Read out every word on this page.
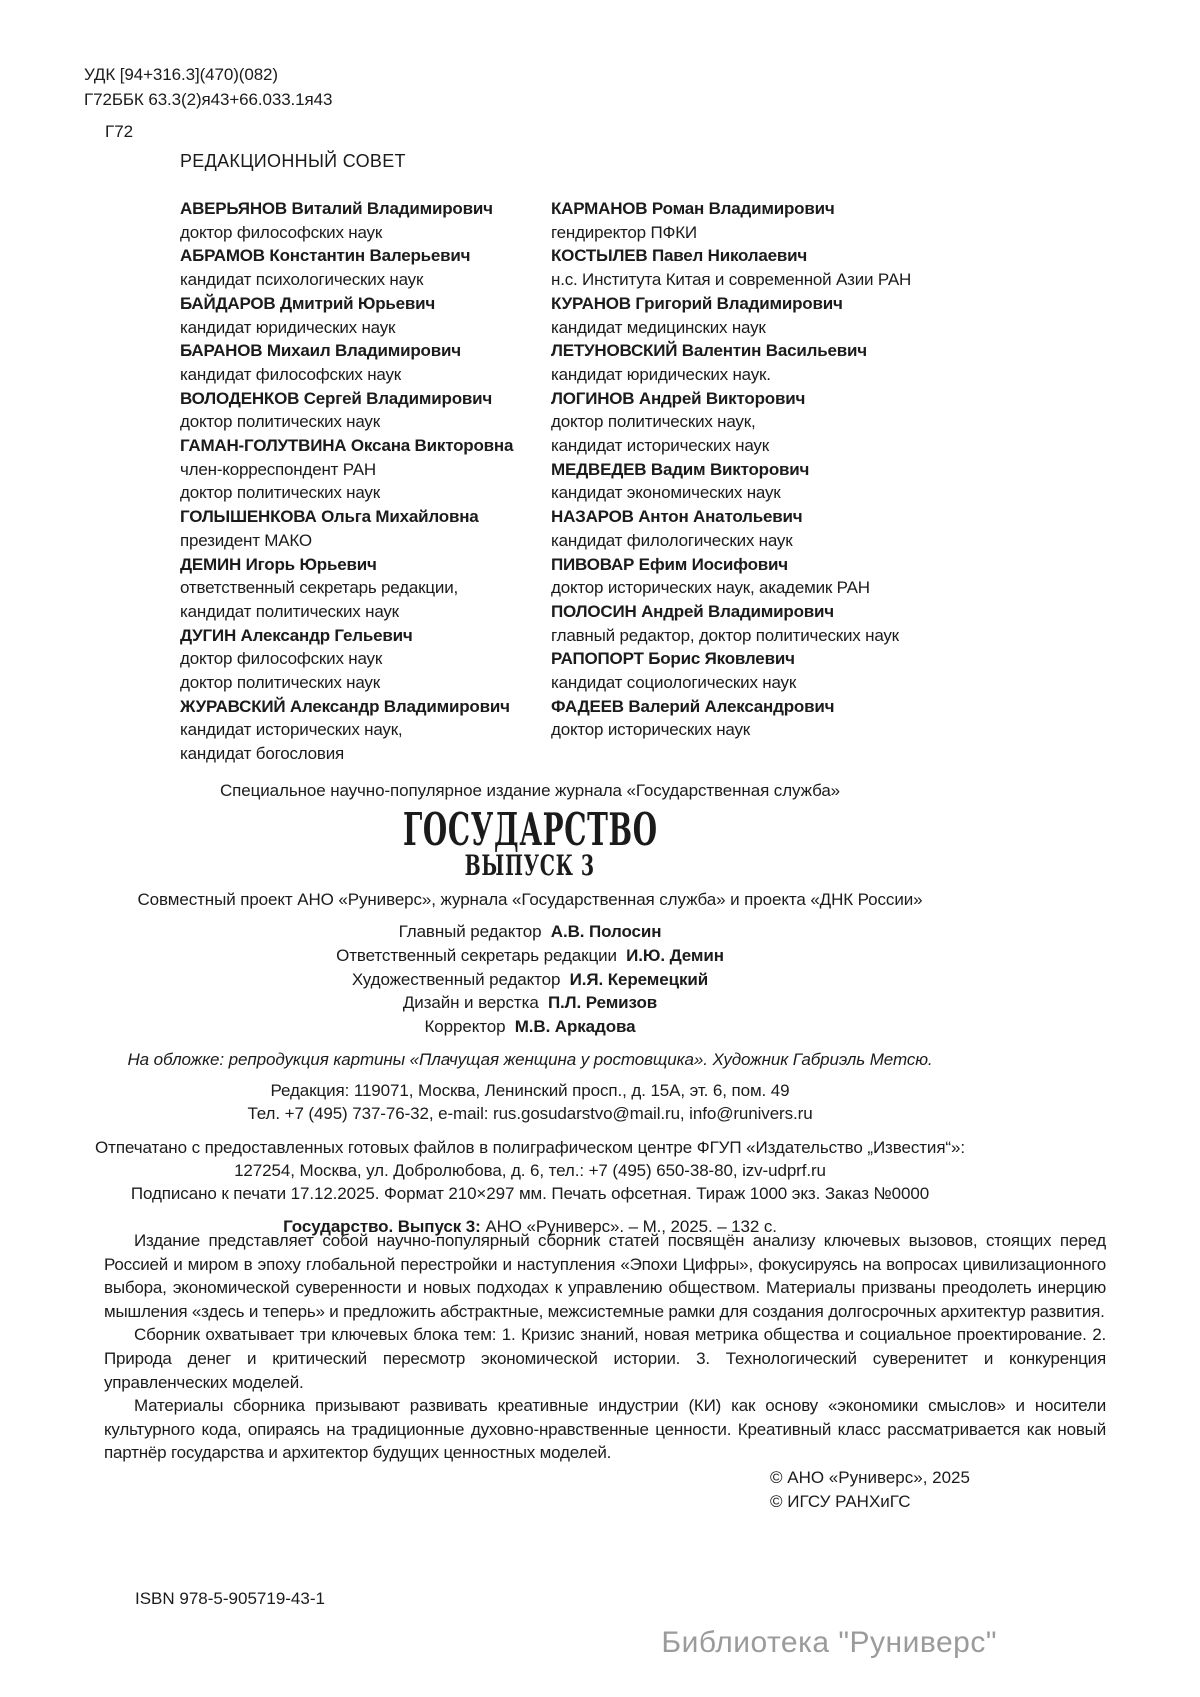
УДК [94+316.3](470)(082)
Г72ББК 63.3(2)я43+66.033.1я43
Г72
РЕДАКЦИОННЫЙ СОВЕТ
АВЕРЬЯНОВ Виталий Владимирович
доктор философских наук
АБРАМОВ Константин Валерьевич
кандидат психологических наук
БАЙДАРОВ Дмитрий Юрьевич
кандидат юридических наук
БАРАНОВ Михаил Владимирович
кандидат философских наук
ВОЛОДЕНКОВ Сергей Владимирович
доктор политических наук
ГАМАН-ГОЛУТВИНА Оксана Викторовна
член-корреспондент РАН
доктор политических наук
ГОЛЫШЕНКОВА Ольга Михайловна
президент МАКО
ДЕМИН Игорь Юрьевич
ответственный секретарь редакции,
кандидат политических наук
ДУГИН Александр Гельевич
доктор философских наук
доктор политических наук
ЖУРАВСКИЙ Александр Владимирович
кандидат исторических наук,
кандидат богословия
КАРМАНОВ Роман Владимирович
гендиректор ПФКИ
КОСТЫЛЕВ Павел Николаевич
н.с. Института Китая и современной Азии РАН
КУРАНОВ Григорий Владимирович
кандидат медицинских наук
ЛЕТУНОВСКИЙ Валентин Васильевич
кандидат юридических наук.
ЛОГИНОВ Андрей Викторович
доктор политических наук,
кандидат исторических наук
МЕДВЕДЕВ Вадим Викторович
кандидат экономических наук
НАЗАРОВ Антон Анатольевич
кандидат филологических наук
ПИВОВАР Ефим Иосифович
доктор исторических наук, академик РАН
ПОЛОСИН Андрей Владимирович
главный редактор, доктор политических наук
РАПОПОРТ Борис Яковлевич
кандидат социологических наук
ФАДЕЕВ Валерий Александрович
доктор исторических наук
Специальное научно-популярное издание журнала «Государственная служба»
ГОСУДАРСТВО
ВЫПУСК 3
Совместный проект АНО «Руниверс», журнала «Государственная служба» и проекта «ДНК России»
Главный редактор А.В. Полосин
Ответственный секретарь редакции И.Ю. Демин
Художественный редактор И.Я. Керемецкий
Дизайн и верстка П.Л. Ремизов
Корректор М.В. Аркадова
На обложке: репродукция картины «Плачущая женщина у ростовщика». Художник Габриэль Метсю.
Редакция: 119071, Москва, Ленинский просп., д. 15А, эт. 6, пом. 49
Тел. +7 (495) 737-76-32, e-mail: rus.gosudarstvo@mail.ru, info@runivers.ru
Отпечатано с предоставленных готовых файлов в полиграфическом центре ФГУП «Издательство „Известия“»:
127254, Москва, ул. Добролюбова, д. 6, тел.: +7 (495) 650-38-80, izv-udprf.ru
Подписано к печати 17.12.2025. Формат 210×297 мм. Печать офсетная. Тираж 1000 экз. Заказ №0000
Государство. Выпуск 3: АНО «Руниверс». – М., 2025. – 132 с.

Издание представляет собой научно-популярный сборник статей посвящён анализу ключевых вызовов, стоящих перед Россией и миром в эпоху глобальной перестройки и наступления «Эпохи Цифры», фокусируясь на вопросах цивилизационного выбора, экономической суверенности и новых подходах к управлению обществом. Материалы призваны преодолеть инерцию мышления «здесь и теперь» и предложить абстрактные, межсистемные рамки для создания долгосрочных архитектур развития.

Сборник охватывает три ключевых блока тем: 1. Кризис знаний, новая метрика общества и социальное проектирование. 2. Природа денег и критический пересмотр экономической истории. 3. Технологический суверенитет и конкуренция управленческих моделей.

Материалы сборника призывают развивать креативные индустрии (КИ) как основу «экономики смыслов» и носители культурного кода, опираясь на традиционные духовно-нравственные ценности. Креативный класс рассматривается как новый партнёр государства и архитектор будущих ценностных моделей.

© АНО «Руниверс», 2025
© ИГСУ РАНХиГС
ISBN 978-5-905719-43-1
Библиотека "Руниверс"
